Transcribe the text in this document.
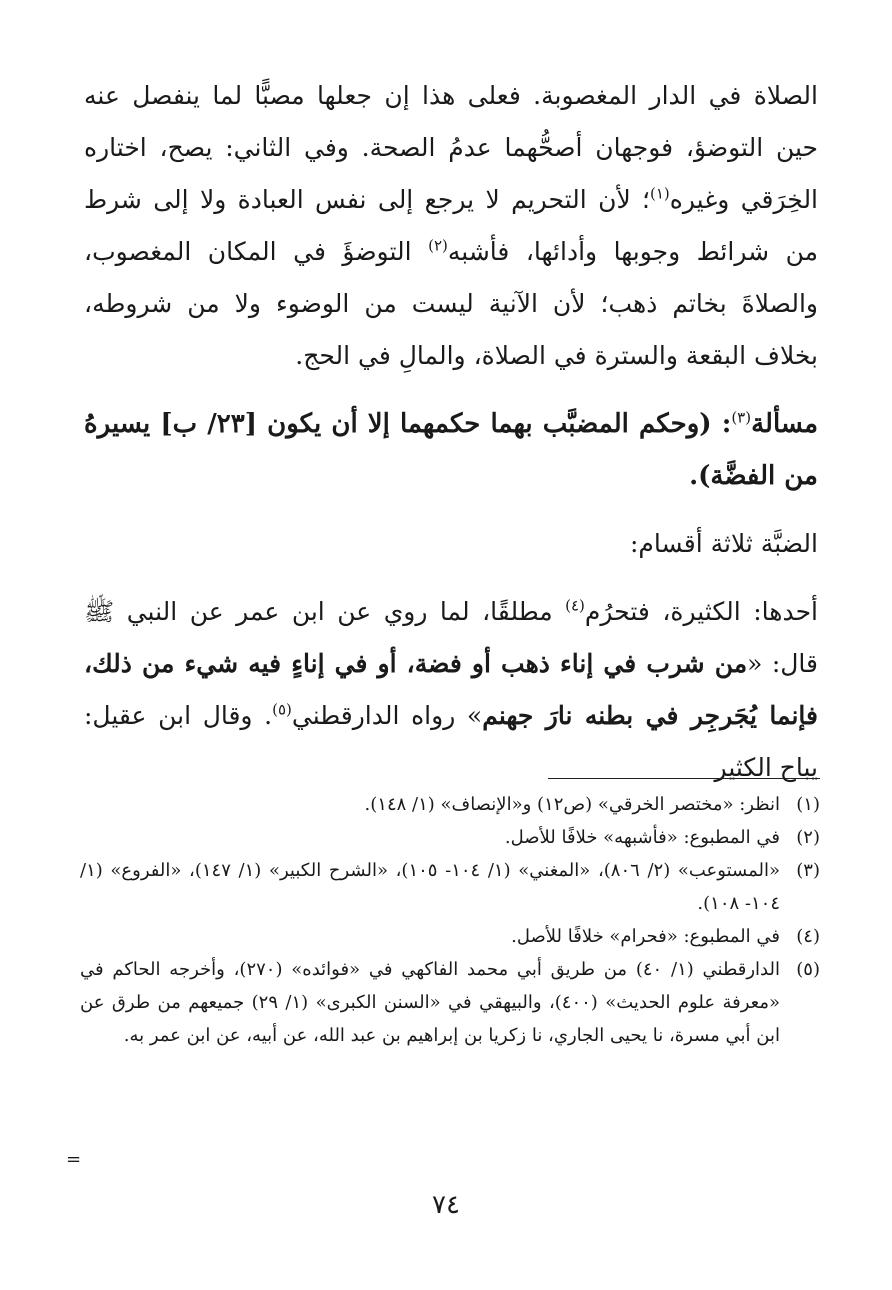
الصلاة في الدار المغصوبة. فعلى هذا إن جعلها مصبًّا لما ينفصل عنه حين التوضؤ، فوجهان أصحُّهما عدمُ الصحة. وفي الثاني: يصح، اختاره الخِرَقي وغيره$^{(١)}$؛ لأن التحريم لا يرجع إلى نفس العبادة ولا إلى شرط من شرائط وجوبها وأدائها، فأشبه$^{(٢)}$ التوضؤَ في المكان المغصوب، والصلاةَ بخاتم ذهب؛ لأن الآنية ليست من الوضوء ولا من شروطه، بخلاف البقعة والسترة في الصلاة، والمالِ في الحج.

مسألة$^{(٣)}$: (وحكم المضبَّب بهما حكمهما إلا أن يكون [٢٣/ ب] يسيرهُ من الفضَّة).

الضبَّة ثلاثة أقسام:

أحدها: الكثيرة، فتحرُم$^{(٤)}$ مطلقًا، لما روي عن ابن عمر عن النبي ﷺ قال: «من شرب في إناء ذهب أو فضة، أو في إناءٍ فيه شيء من ذلك، فإنما يُجَرجِر في بطنه نارَ جهنم» رواه الدارقطني$^{(٥)}$. وقال ابن عقيل: يباح الكثير

(١)
انظر: «مختصر الخرقي» (ص١٢) و«الإنصاف» (١/ ١٤٨).
(٢)
في المطبوع: «فأشبهه» خلافًا للأصل.
(٣)
«المستوعب» (٢/ ٨٠٦)، «المغني» (١/ ١٠٤- ١٠٥)، «الشرح الكبير» (١/ ١٤٧)، «الفروع» (١/ ١٠٤- ١٠٨).
(٤)
في المطبوع: «فحرام» خلافًا للأصل.
(٥)
الدارقطني (١/ ٤٠) من طريق أبي محمد الفاكهي في «فوائده» (٢٧٠)، وأخرجه الحاكم في «معرفة علوم الحديث» (٤٠٠)، والبيهقي في «السنن الكبرى» (١/ ٢٩) جميعهم من طرق عن ابن أبي مسرة، نا يحيى الجاري، نا زكريا بن إبراهيم بن عبد الله، عن أبيه، عن ابن عمر به.
=
٧٤
